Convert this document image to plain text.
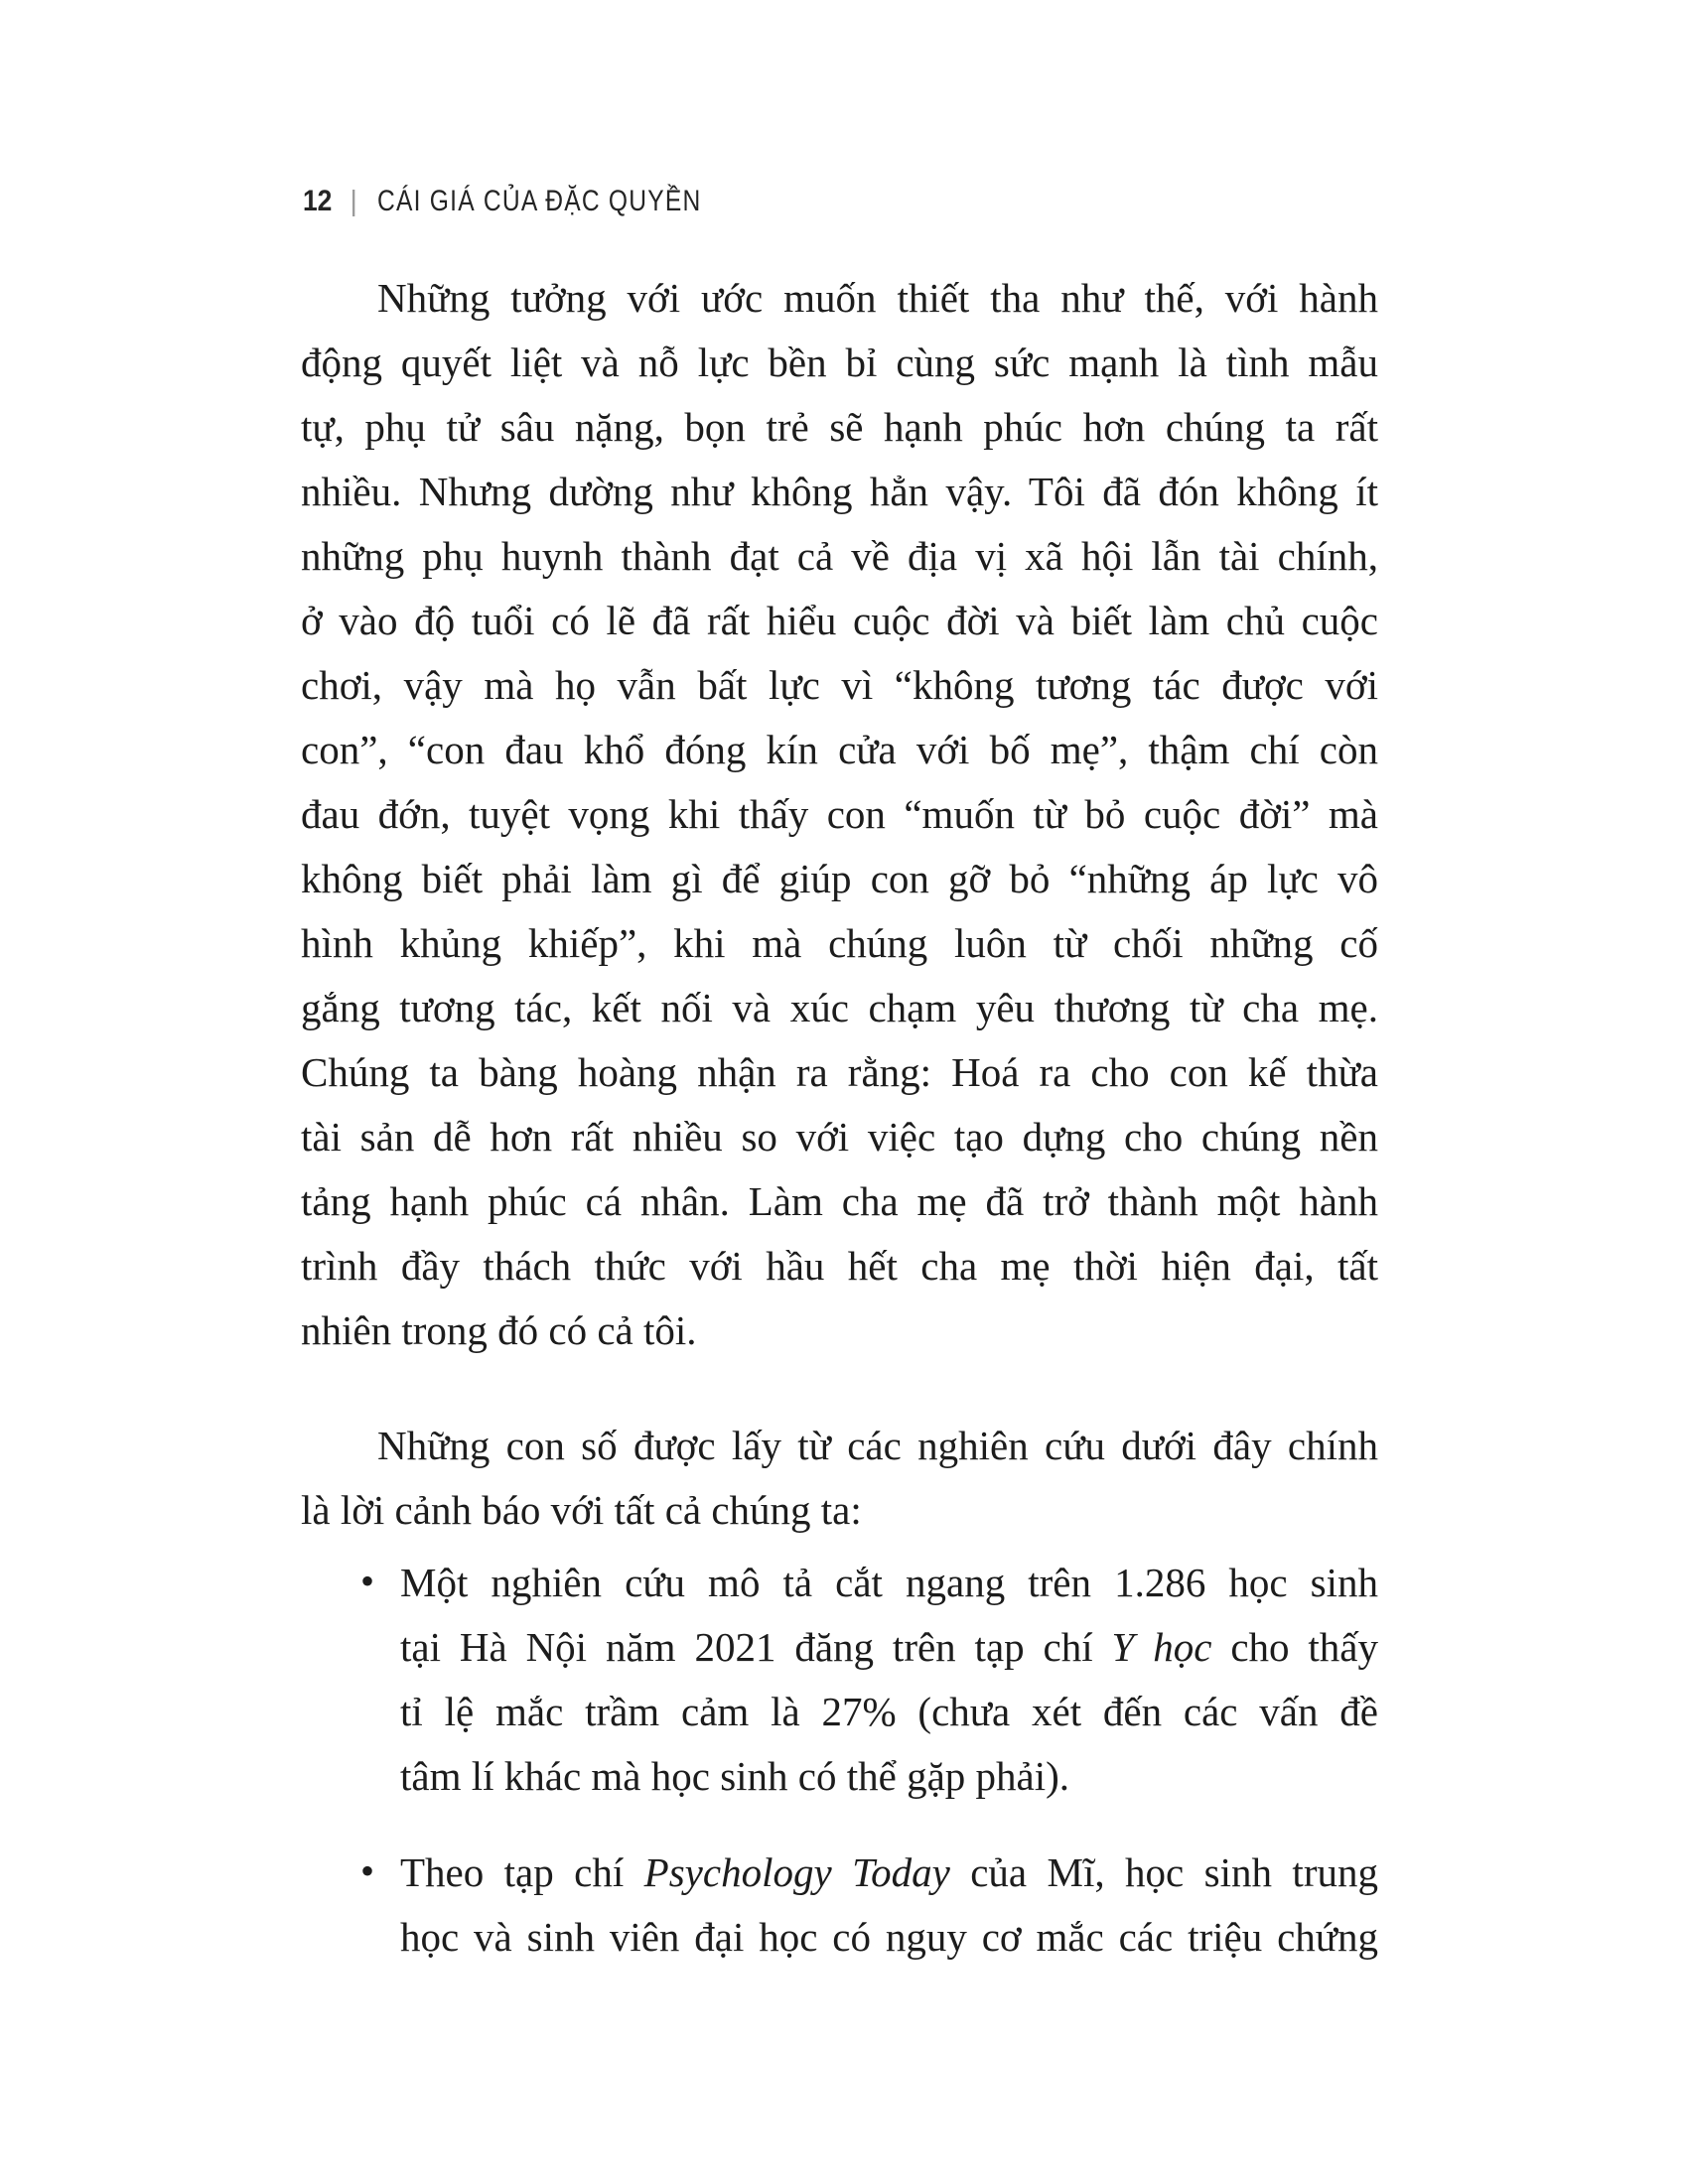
12 | CÁI GIÁ CỦA ĐẶC QUYỀN
Những tưởng với ước muốn thiết tha như thế, với hành
động quyết liệt và nỗ lực bền bỉ cùng sức mạnh là tình mẫu
tự, phụ tử sâu nặng, bọn trẻ sẽ hạnh phúc hơn chúng ta rất
nhiều. Nhưng dường như không hẳn vậy. Tôi đã đón không ít
những phụ huynh thành đạt cả về địa vị xã hội lẫn tài chính,
ở vào độ tuổi có lẽ đã rất hiểu cuộc đời và biết làm chủ cuộc
chơi, vậy mà họ vẫn bất lực vì “không tương tác được với
con”, “con đau khổ đóng kín cửa với bố mẹ”, thậm chí còn
đau đớn, tuyệt vọng khi thấy con “muốn từ bỏ cuộc đời” mà
không biết phải làm gì để giúp con gỡ bỏ “những áp lực vô
hình khủng khiếp”, khi mà chúng luôn từ chối những cố
gắng tương tác, kết nối và xúc chạm yêu thương từ cha mẹ.
Chúng ta bàng hoàng nhận ra rằng: Hoá ra cho con kế thừa
tài sản dễ hơn rất nhiều so với việc tạo dựng cho chúng nền
tảng hạnh phúc cá nhân. Làm cha mẹ đã trở thành một hành
trình đầy thách thức với hầu hết cha mẹ thời hiện đại, tất
nhiên trong đó có cả tôi.
Những con số được lấy từ các nghiên cứu dưới đây chính
là lời cảnh báo với tất cả chúng ta:
• Một nghiên cứu mô tả cắt ngang trên 1.286 học sinh
tại Hà Nội năm 2021 đăng trên tạp chí Y học cho thấy
tỉ lệ mắc trầm cảm là 27% (chưa xét đến các vấn đề
tâm lí khác mà học sinh có thể gặp phải).
• Theo tạp chí Psychology Today của Mĩ, học sinh trung
học và sinh viên đại học có nguy cơ mắc các triệu chứng
